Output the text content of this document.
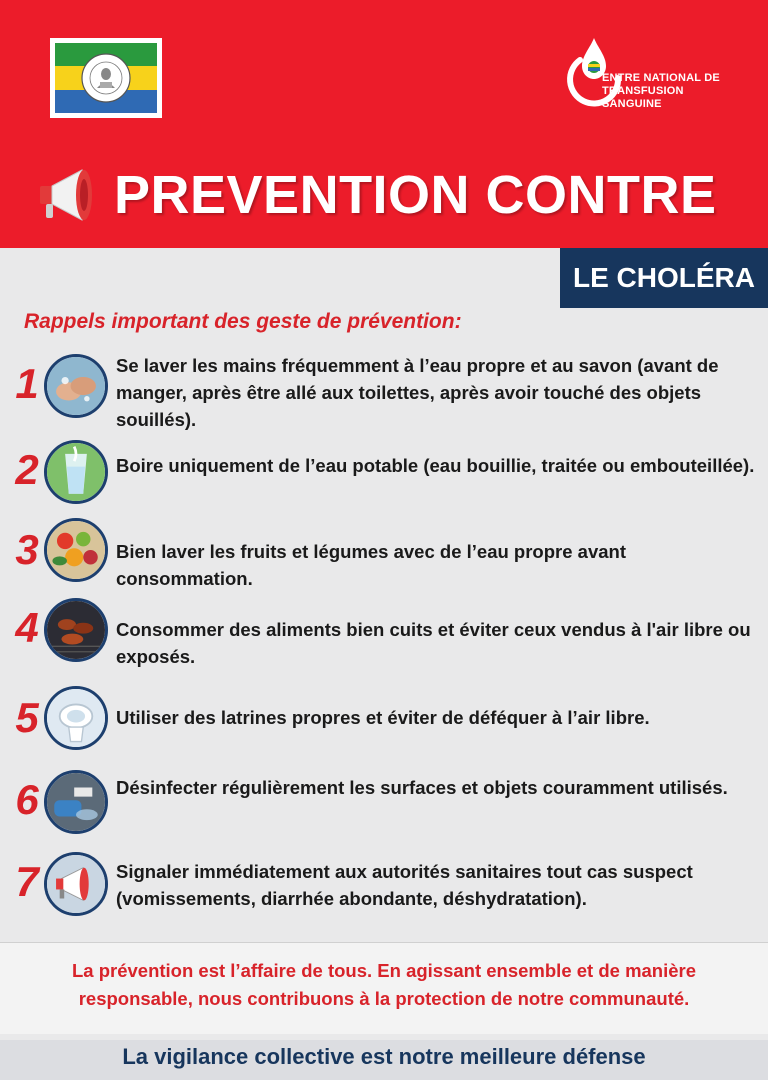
ENTRE NATIONAL DE
TRANSFUSION SANGUINE
PREVENTION CONTRE
LE CHOLÉRA
Rappels important des geste de prévention:
1	Se laver les mains fréquemment à l’eau propre et au savon (avant de manger, après être allé aux toilettes, après avoir touché des objets souillés).
2	Boire uniquement de l’eau potable (eau bouillie, traitée ou embouteillée).
3	Bien laver les fruits et légumes avec de l’eau propre avant consommation.
4	Consommer des aliments bien cuits et éviter ceux vendus à l'air libre ou exposés.
5	Utiliser des latrines propres et éviter de déféquer à l’air libre.
6	Désinfecter régulièrement les surfaces et objets couramment utilisés.
7	Signaler immédiatement aux autorités sanitaires tout cas suspect (vomissements, diarrhée abondante, déshydratation).
La prévention est l’affaire de tous. En agissant ensemble et de manière responsable, nous contribuons à la protection de notre communauté.
La vigilance collective est notre meilleure défense
